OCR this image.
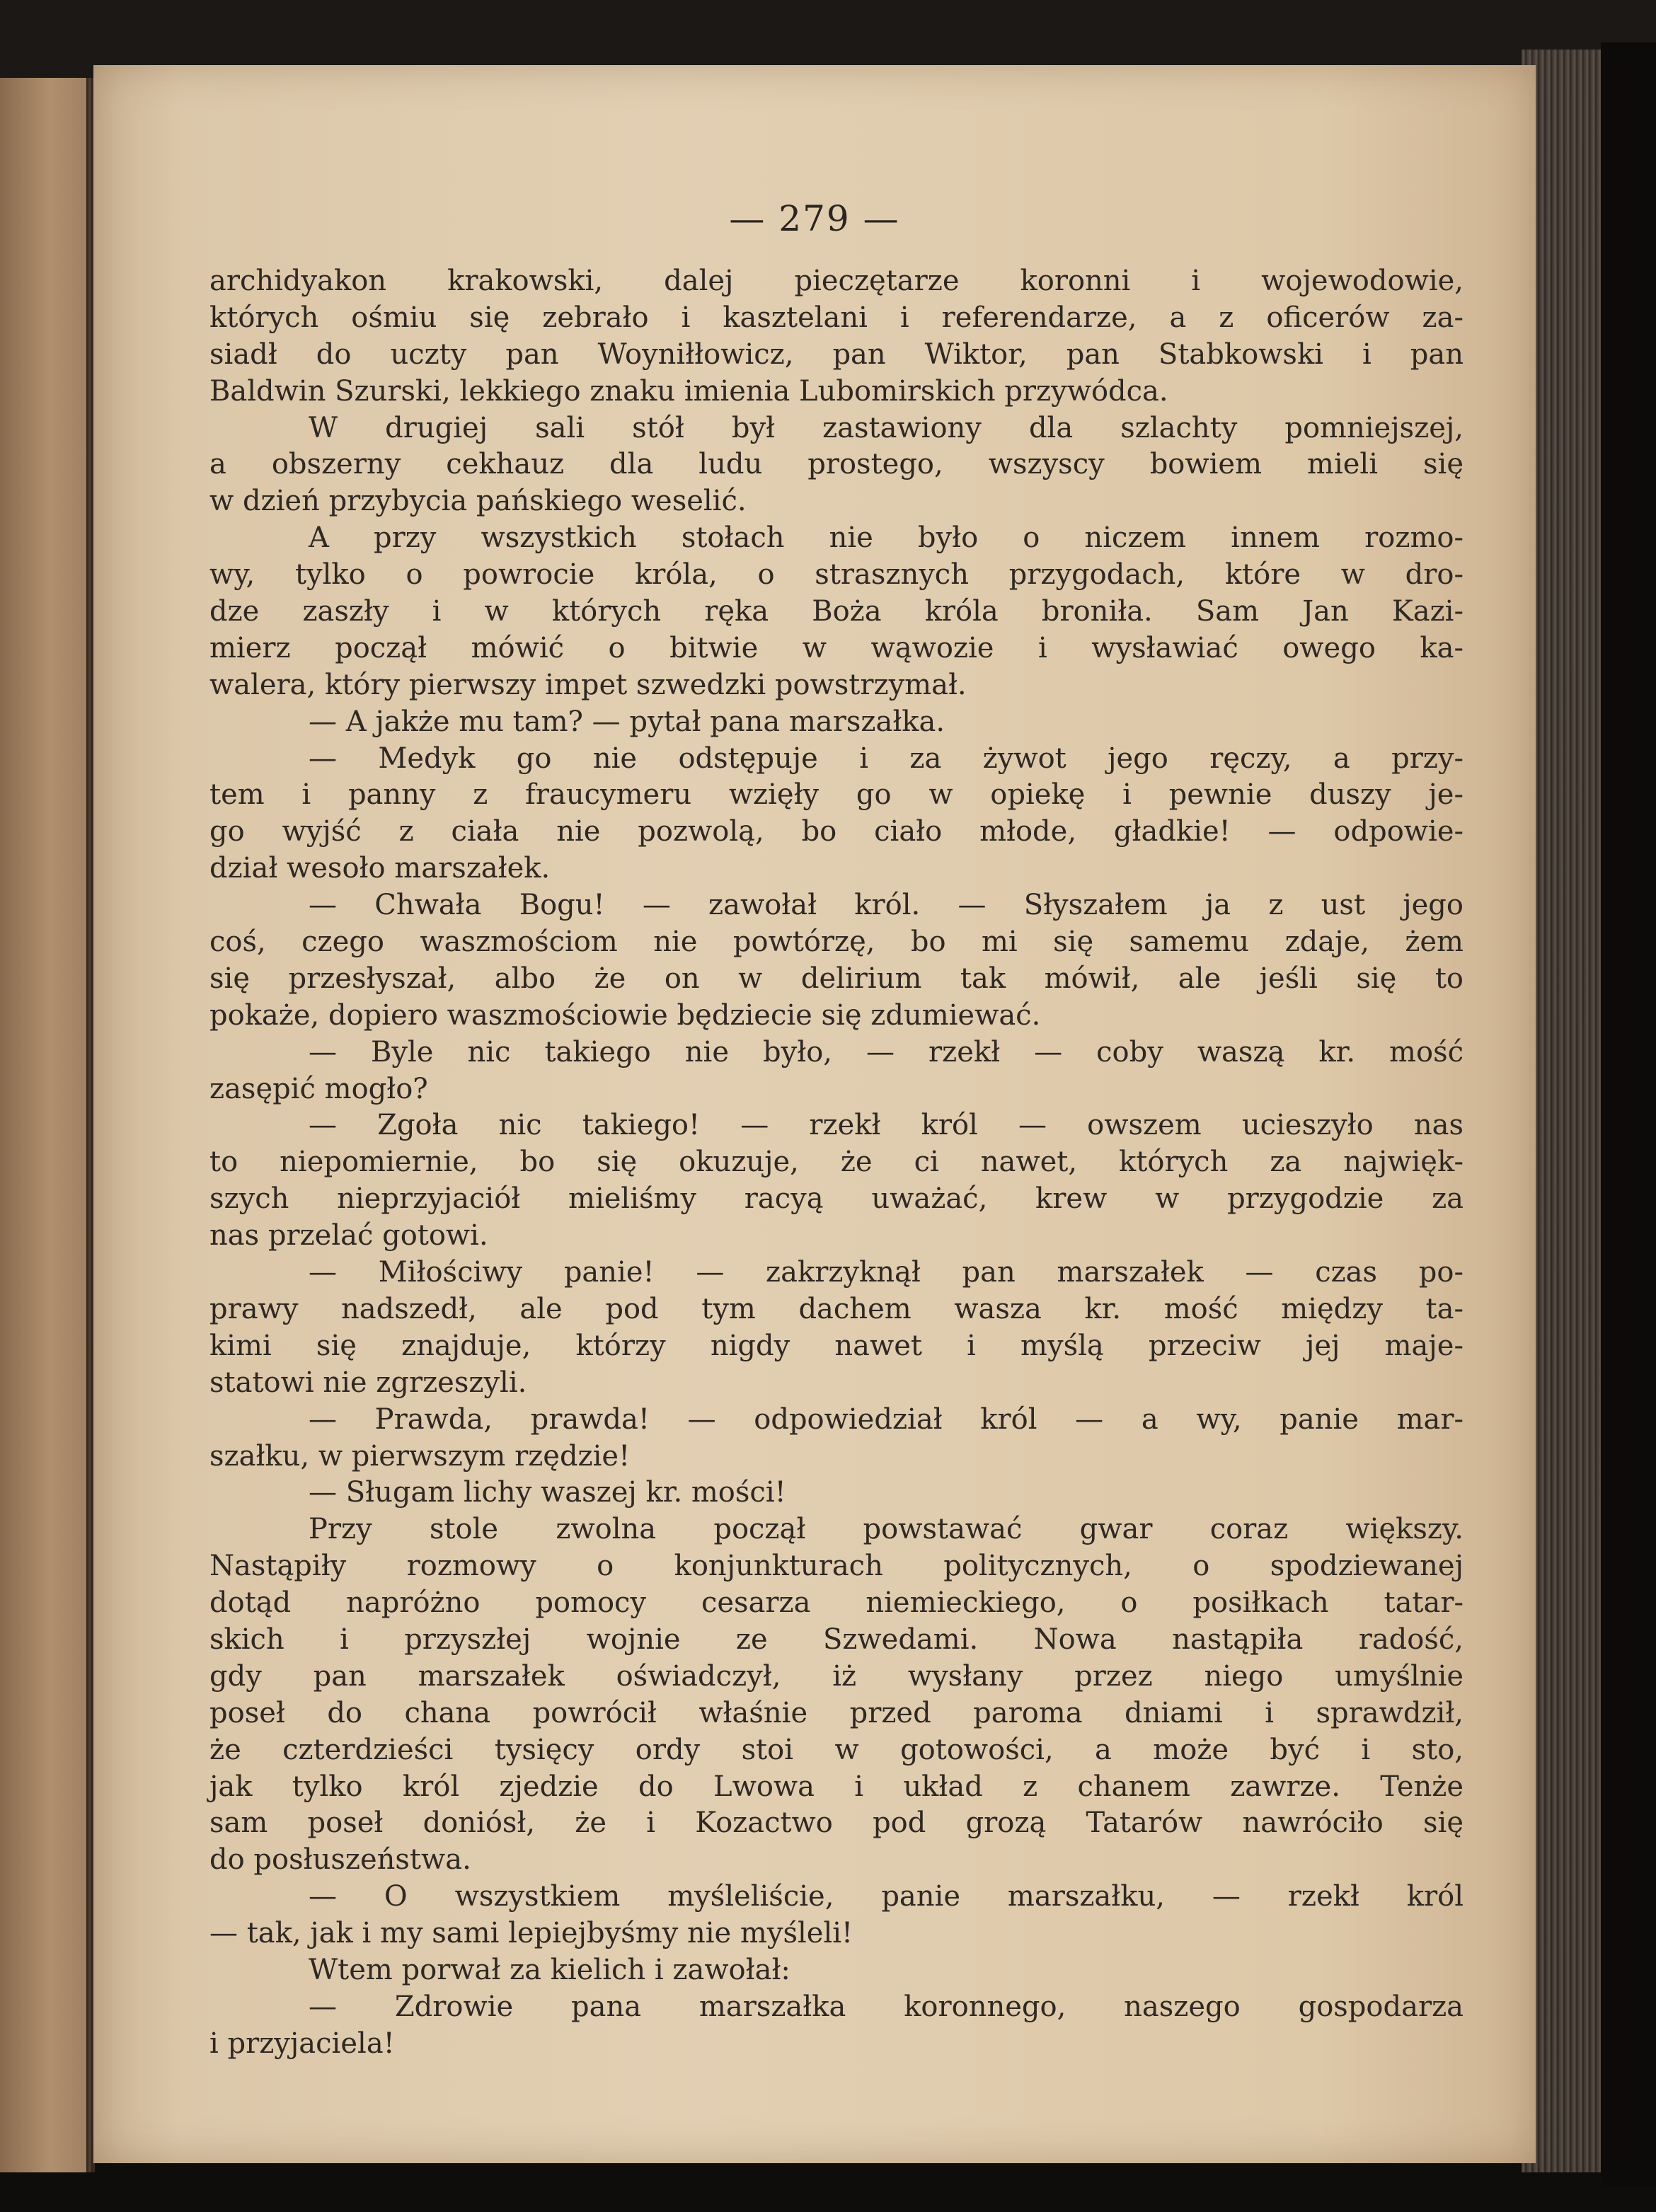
— 279 —
archidyakon krakowski, dalej pieczętarze koronni i wojewodowie,
których ośmiu się zebrało i kasztelani i referendarze, a z oficerów za-
siadł do uczty pan Woyniłłowicz, pan Wiktor, pan Stabkowski i pan
Baldwin Szurski, lekkiego znaku imienia Lubomirskich przywódca.
W drugiej sali stół był zastawiony dla szlachty pomniejszej,
a obszerny cekhauz dla ludu prostego, wszyscy bowiem mieli się
w dzień przybycia pańskiego weselić.
A przy wszystkich stołach nie było o niczem innem rozmo-
wy, tylko o powrocie króla, o strasznych przygodach, które w dro-
dze zaszły i w których ręka Boża króla broniła. Sam Jan Kazi-
mierz począł mówić o bitwie w wąwozie i wysławiać owego ka-
walera, który pierwszy impet szwedzki powstrzymał.
— A jakże mu tam? — pytał pana marszałka.
— Medyk go nie odstępuje i za żywot jego ręczy, a przy-
tem i panny z fraucymeru wzięły go w opiekę i pewnie duszy je-
go wyjść z ciała nie pozwolą, bo ciało młode, gładkie! — odpowie-
dział wesoło marszałek.
— Chwała Bogu! — zawołał król. — Słyszałem ja z ust jego
coś, czego waszmościom nie powtórzę, bo mi się samemu zdaje, żem
się przesłyszał, albo że on w delirium tak mówił, ale jeśli się to
pokaże, dopiero waszmościowie będziecie się zdumiewać.
— Byle nic takiego nie było, — rzekł — coby waszą kr. mość
zasępić mogło?
— Zgoła nic takiego! — rzekł król — owszem ucieszyło nas
to niepomiernie, bo się okuzuje, że ci nawet, których za najwięk-
szych nieprzyjaciół mieliśmy racyą uważać, krew w przygodzie za
nas przelać gotowi.
— Miłościwy panie! — zakrzyknął pan marszałek — czas po-
prawy nadszedł, ale pod tym dachem wasza kr. mość między ta-
kimi się znajduje, którzy nigdy nawet i myślą przeciw jej maje-
statowi nie zgrzeszyli.
— Prawda, prawda! — odpowiedział król — a wy, panie mar-
szałku, w pierwszym rzędzie!
— Sługam lichy waszej kr. mości!
Przy stole zwolna począł powstawać gwar coraz większy.
Nastąpiły rozmowy o konjunkturach politycznych, o spodziewanej
dotąd napróżno pomocy cesarza niemieckiego, o posiłkach tatar-
skich i przyszłej wojnie ze Szwedami. Nowa nastąpiła radość,
gdy pan marszałek oświadczył, iż wysłany przez niego umyślnie
poseł do chana powrócił właśnie przed paroma dniami i sprawdził,
że czterdzieści tysięcy ordy stoi w gotowości, a może być i sto,
jak tylko król zjedzie do Lwowa i układ z chanem zawrze. Tenże
sam poseł doniósł, że i Kozactwo pod grozą Tatarów nawróciło się
do posłuszeństwa.
— O wszystkiem myśleliście, panie marszałku, — rzekł król
— tak, jak i my sami lepiejbyśmy nie myśleli!
Wtem porwał za kielich i zawołał:
— Zdrowie pana marszałka koronnego, naszego gospodarza
i przyjaciela!
